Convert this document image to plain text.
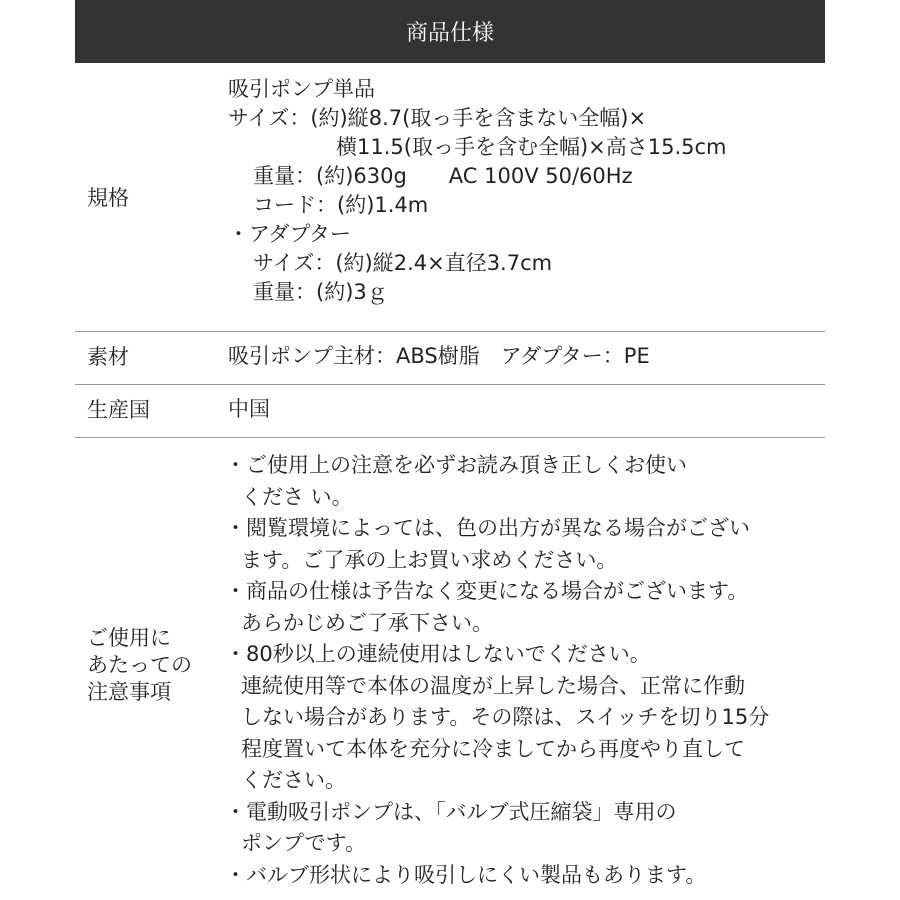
商品仕様
規格
吸引ポンプ単品
サイズ：(約)縦8.7(取っ手を含まない全幅)×
横11.5(取っ手を含む全幅)×高さ15.5cm
重量：(約)630g　　AC 100V 50/60Hz
コード：(約)1.4m
・アダプター
サイズ：(約)縦2.4×直径3.7cm
重量：(約)3ｇ
素材	吸引ポンプ主材：ABS樹脂　アダプター：PE
生産国	中国
ご使用に
あたっての
注意事項
・ご使用上の注意を必ずお読み頂き正しくお使い
くださ い。
・閲覧環境によっては、色の出方が異なる場合がござい
ます。ご了承の上お買い求めください。
・商品の仕様は予告なく変更になる場合がございます。
あらかじめご了承下さい。
・80秒以上の連続使用はしないでください。
連続使用等で本体の温度が上昇した場合、正常に作動
しない場合があります。その際は、スイッチを切り15分
程度置いて本体を充分に冷ましてから再度やり直して
ください。
・電動吸引ポンプは、「バルブ式圧縮袋」専用の
ポンプです。
・バルブ形状により吸引しにくい製品もあります。
